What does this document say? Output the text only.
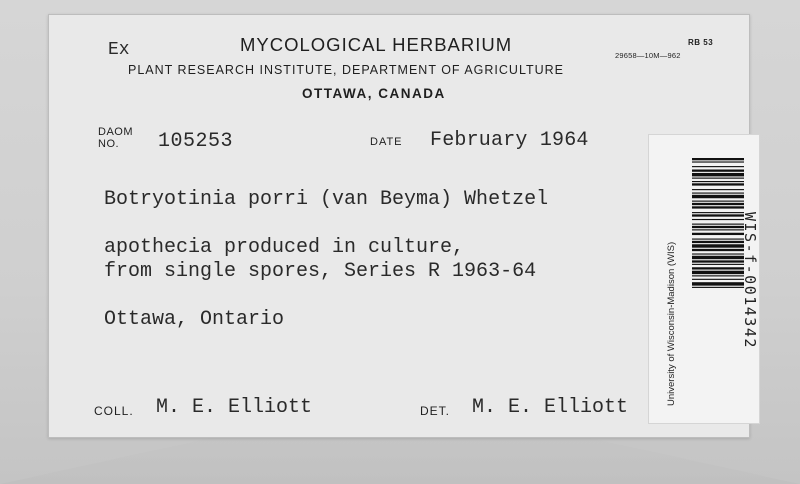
Ex	MYCOLOGICAL HERBARIUM	RB 53
29658—10M—962
PLANT RESEARCH INSTITUTE, DEPARTMENT OF AGRICULTURE
OTTAWA, CANADA
DAOM
NO.	105253	DATE February 1964
Botryotinia porri (van Beyma) Whetzel
apothecia produced in culture,
from single spores, Series R 1963-64
Ottawa, Ontario
COLL. M. E. Elliott	DET. M. E. Elliott
University of Wisconsin-Madison (WIS)	WIS-f-0014342
